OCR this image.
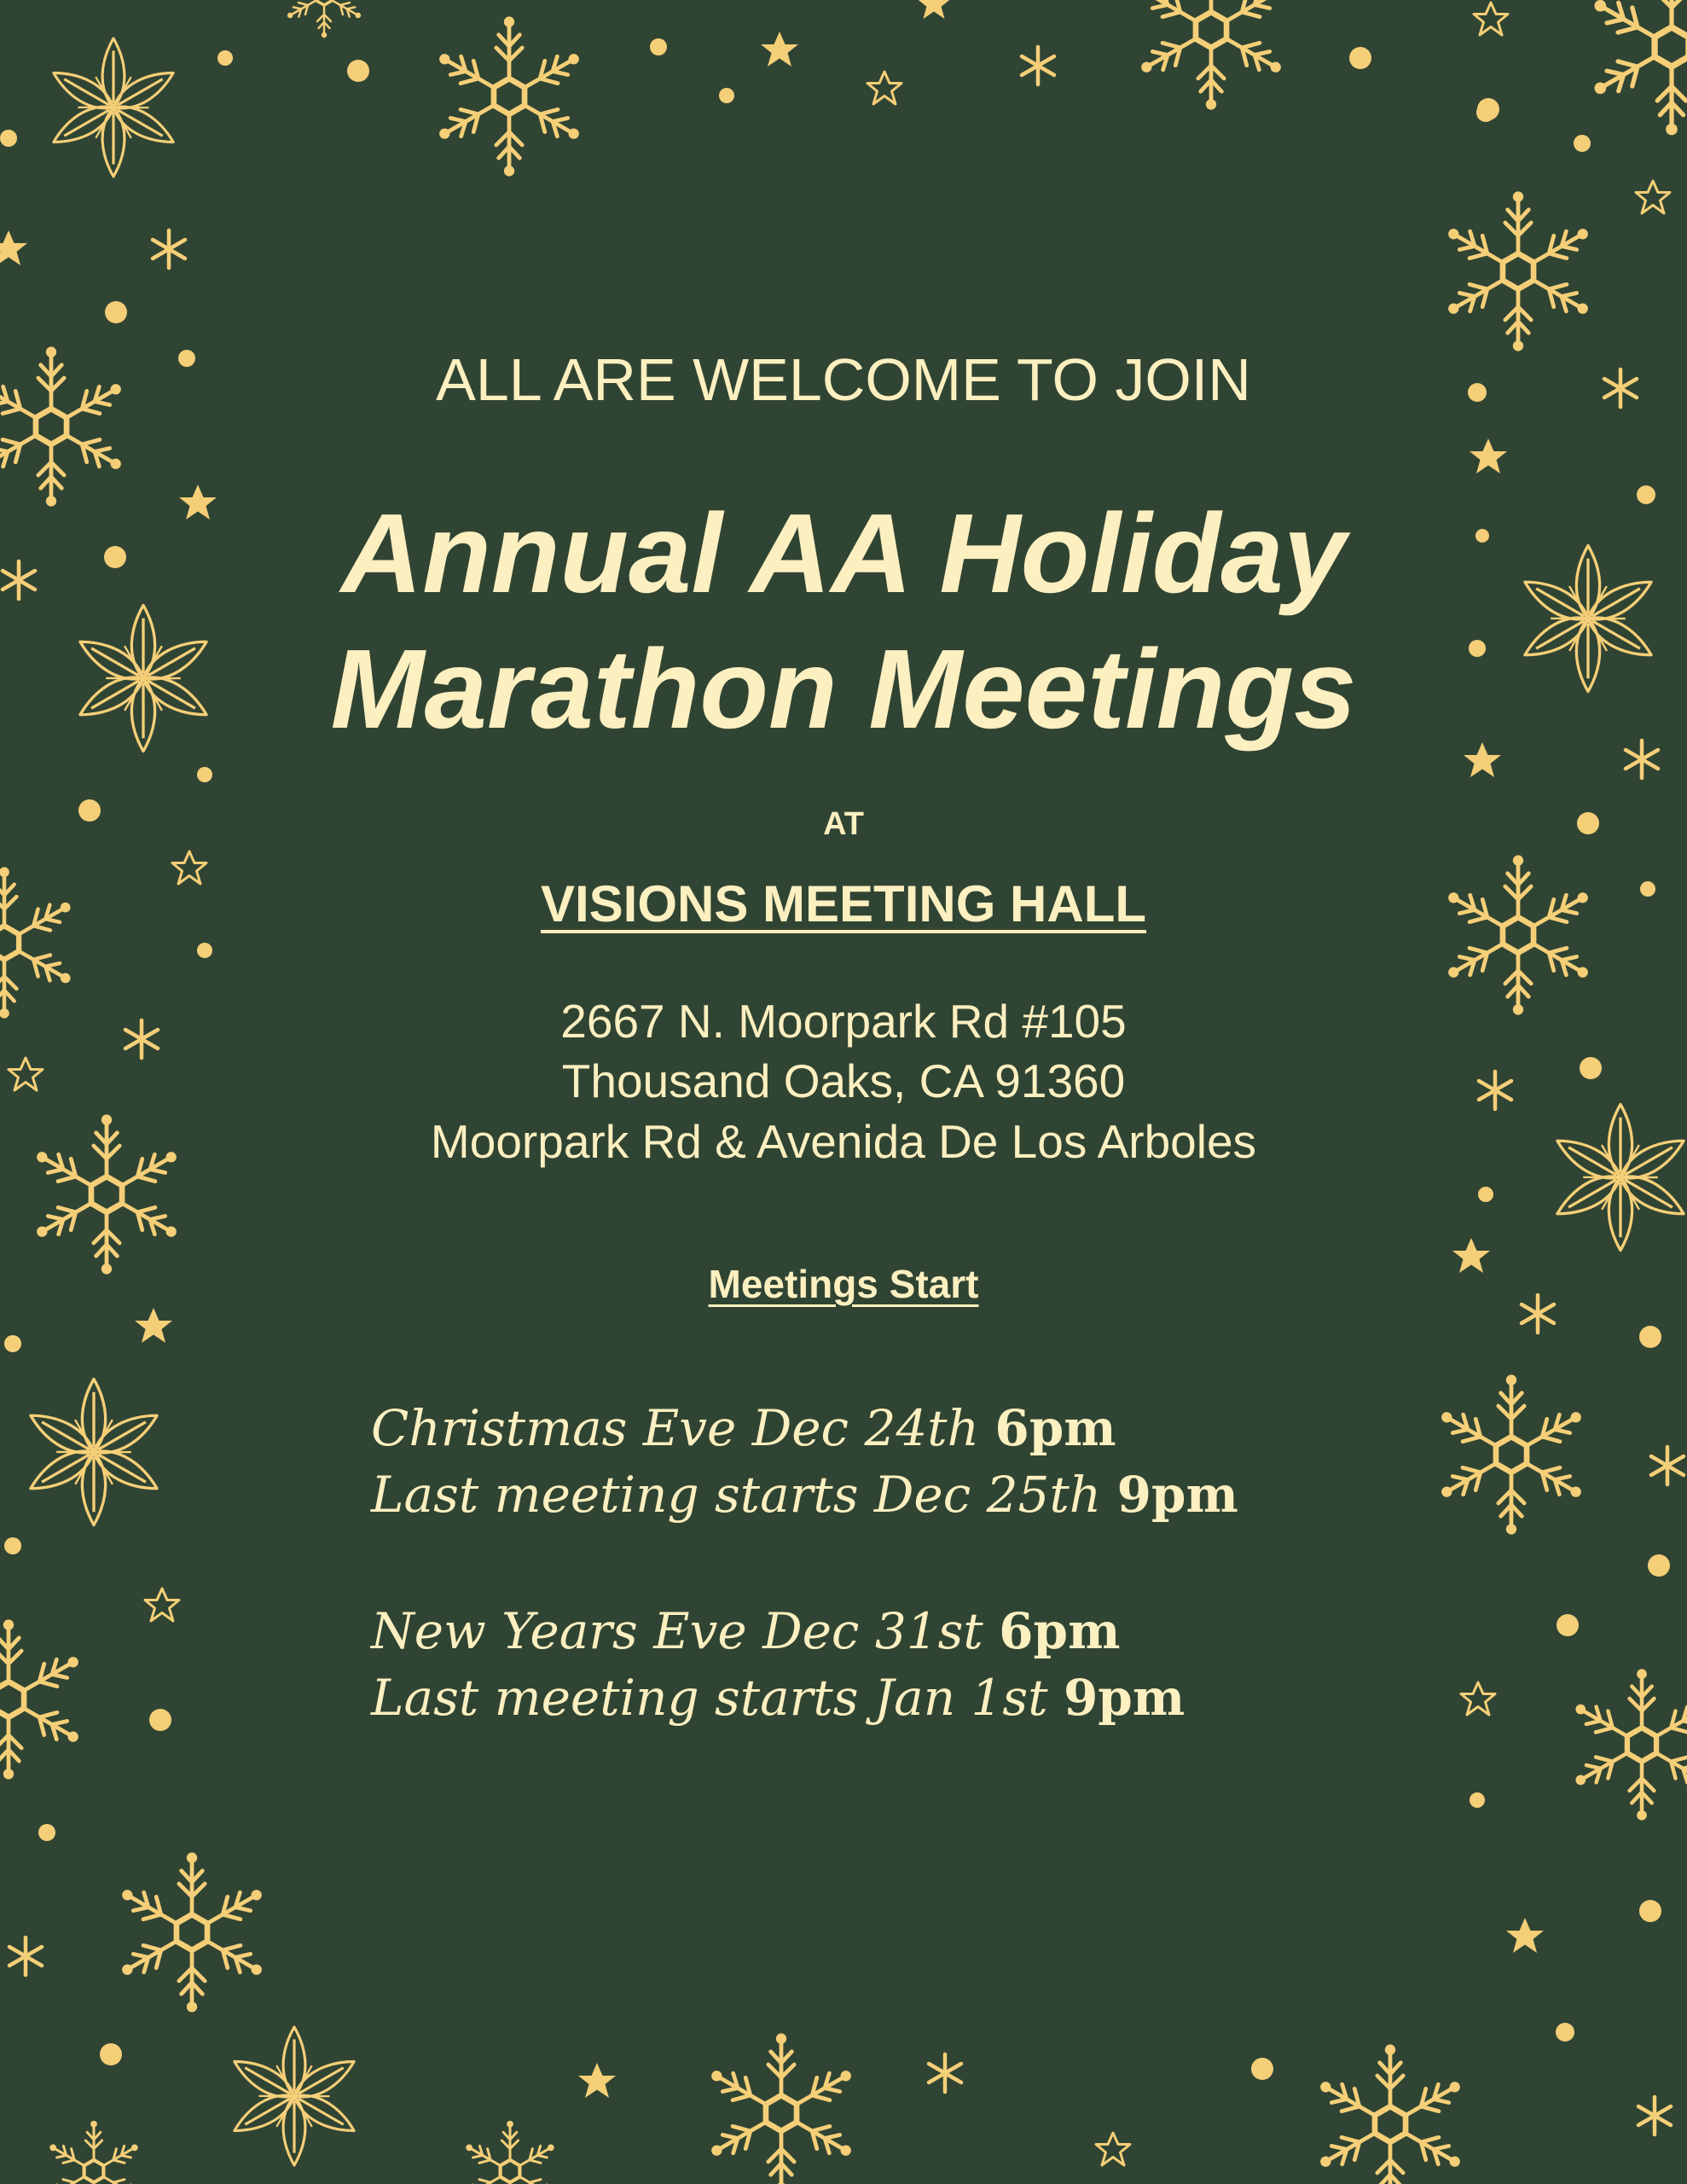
ALL ARE WELCOME TO JOIN
Annual AA Holiday
Marathon Meetings
AT
VISIONS MEETING HALL
2667 N. Moorpark Rd #105
Thousand Oaks, CA 91360
Moorpark Rd & Avenida De Los Arboles
Meetings Start
Christmas Eve Dec 24th 6pm
Last meeting starts Dec 25th 9pm
New Years Eve Dec 31st 6pm
Last meeting starts Jan 1st 9pm
